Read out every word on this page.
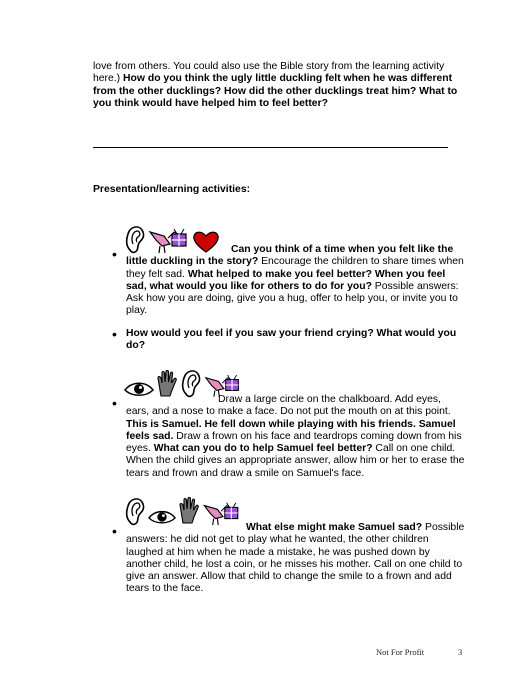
love from others. You could also use the Bible story from the learning activity here.) How do you think the ugly little duckling felt when he was different from the other ducklings? How did the other ducklings treat him? What to you think would have helped him to feel better?
Presentation/learning activities:
•	Can you think of a time when you felt like the little duckling in the story? Encourage the children to share times when they felt sad. What helped to make you feel better? When you feel sad, what would you like for others to do for you? Possible answers: Ask how you are doing, give you a hug, offer to help you, or invite you to play.
• How would you feel if you saw your friend crying? What would you do?
•	Draw a large circle on the chalkboard. Add eyes, ears, and a nose to make a face. Do not put the mouth on at this point. This is Samuel. He fell down while playing with his friends. Samuel feels sad. Draw a frown on his face and teardrops coming down from his eyes. What can you do to help Samuel feel better? Call on one child. When the child gives an appropriate answer, allow him or her to erase the tears and frown and draw a smile on Samuel's face.
•	What else might make Samuel sad? Possible answers: he did not get to play what he wanted, the other children laughed at him when he made a mistake, he was pushed down by another child, he lost a coin, or he misses his mother. Call on one child to give an answer. Allow that child to change the smile to a frown and add tears to the face.
Not For Profit	3
